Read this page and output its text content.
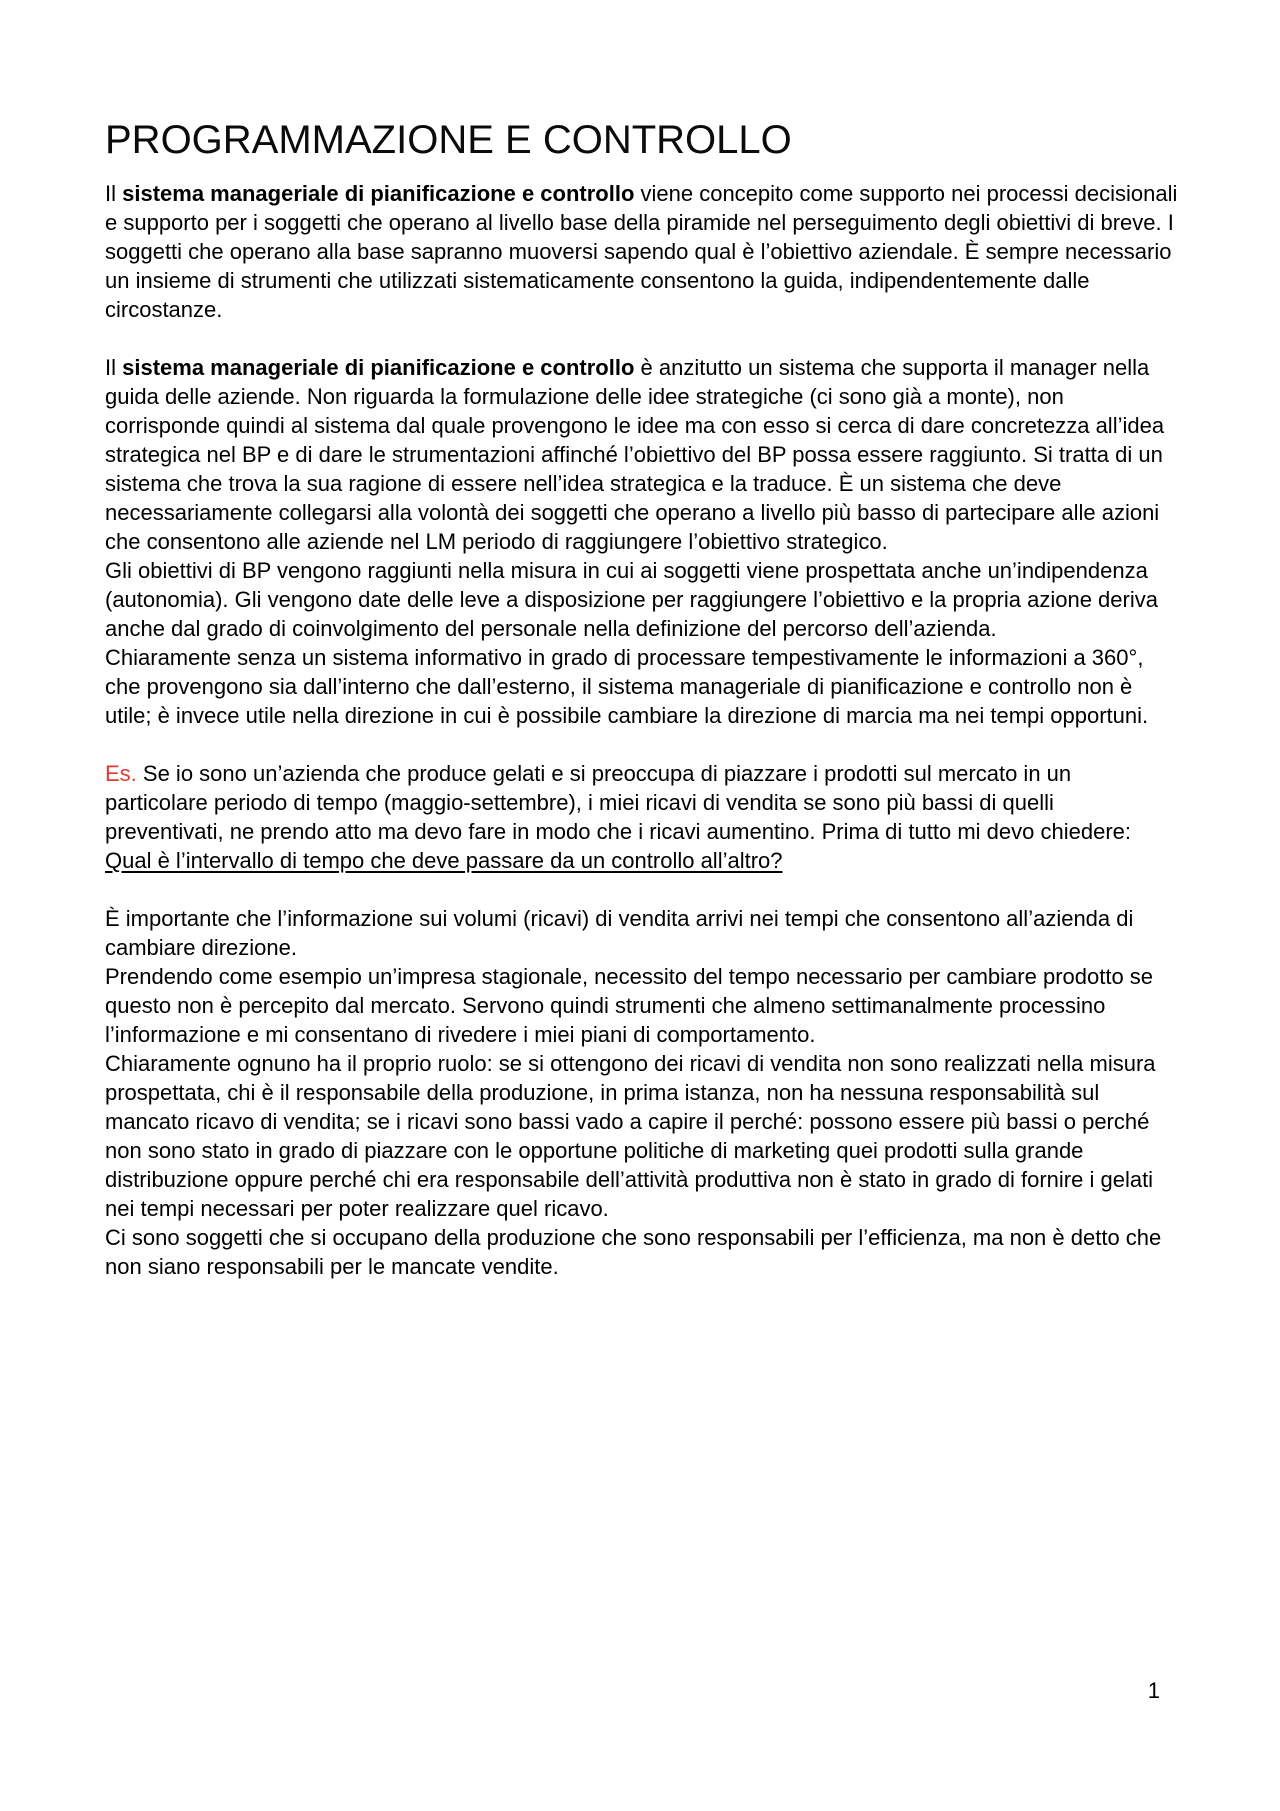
PROGRAMMAZIONE E CONTROLLO

Il sistema manageriale di pianificazione e controllo viene concepito come supporto nei processi decisionali e supporto per i soggetti che operano al livello base della piramide nel perseguimento degli obiettivi di breve. I soggetti che operano alla base sapranno muoversi sapendo qual è l’obiettivo aziendale. È sempre necessario un insieme di strumenti che utilizzati sistematicamente consentono la guida, indipendentemente dalle circostanze.

Il sistema manageriale di pianificazione e controllo è anzitutto un sistema che supporta il manager nella guida delle aziende. Non riguarda la formulazione delle idee strategiche (ci sono già a monte), non corrisponde quindi al sistema dal quale provengono le idee ma con esso si cerca di dare concretezza all’idea strategica nel BP e di dare le strumentazioni affinché l’obiettivo del BP possa essere raggiunto. Si tratta di un sistema che trova la sua ragione di essere nell’idea strategica e la traduce. È un sistema che deve necessariamente collegarsi alla volontà dei soggetti che operano a livello più basso di partecipare alle azioni che consentono alle aziende nel LM periodo di raggiungere l’obiettivo strategico.

Gli obiettivi di BP vengono raggiunti nella misura in cui ai soggetti viene prospettata anche un’indipendenza (autonomia). Gli vengono date delle leve a disposizione per raggiungere l’obiettivo e la propria azione deriva anche dal grado di coinvolgimento del personale nella definizione del percorso dell’azienda.

Chiaramente senza un sistema informativo in grado di processare tempestivamente le informazioni a 360°, che provengono sia dall’interno che dall’esterno, il sistema manageriale di pianificazione e controllo non è utile; è invece utile nella direzione in cui è possibile cambiare la direzione di marcia ma nei tempi opportuni.

Es. Se io sono un’azienda che produce gelati e si preoccupa di piazzare i prodotti sul mercato in un particolare periodo di tempo (maggio-settembre), i miei ricavi di vendita se sono più bassi di quelli preventivati, ne prendo atto ma devo fare in modo che i ricavi aumentino. Prima di tutto mi devo chiedere: Qual è l’intervallo di tempo che deve passare da un controllo all’altro?

È importante che l’informazione sui volumi (ricavi) di vendita arrivi nei tempi che consentono all’azienda di cambiare direzione.

Prendendo come esempio un’impresa stagionale, necessito del tempo necessario per cambiare prodotto se questo non è percepito dal mercato. Servono quindi strumenti che almeno settimanalmente processino l’informazione e mi consentano di rivedere i miei piani di comportamento.

Chiaramente ognuno ha il proprio ruolo: se si ottengono dei ricavi di vendita non sono realizzati nella misura prospettata, chi è il responsabile della produzione, in prima istanza, non ha nessuna responsabilità sul mancato ricavo di vendita; se i ricavi sono bassi vado a capire il perché: possono essere più bassi o perché non sono stato in grado di piazzare con le opportune politiche di marketing quei prodotti sulla grande distribuzione oppure perché chi era responsabile dell’attività produttiva non è stato in grado di fornire i gelati nei tempi necessari per poter realizzare quel ricavo.

Ci sono soggetti che si occupano della produzione che sono responsabili per l’efficienza, ma non è detto che non siano responsabili per le mancate vendite.

1
